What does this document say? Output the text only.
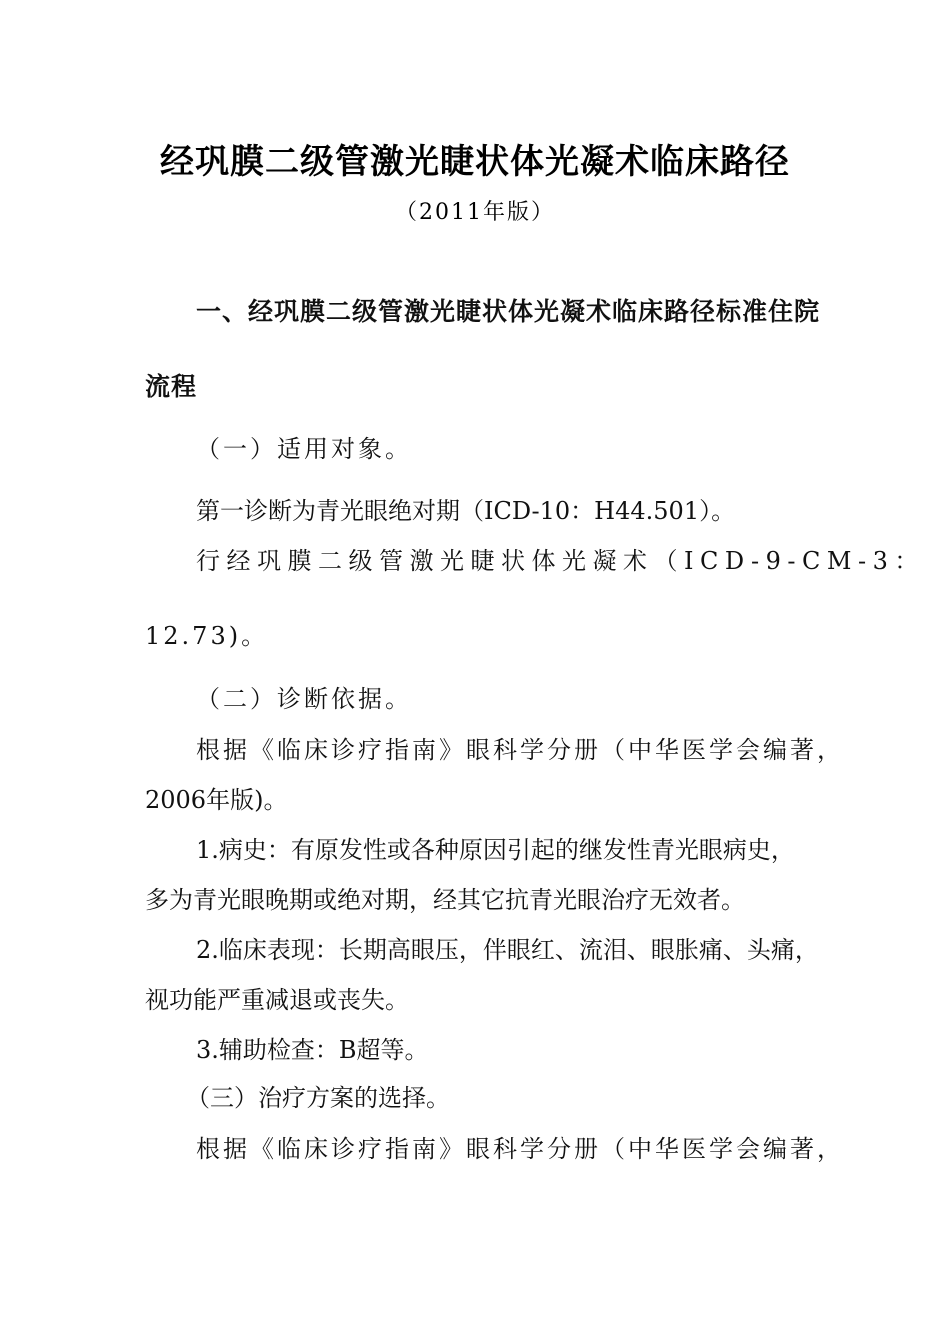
经巩膜二级管激光睫状体光凝术临床路径
（2011年版）
一、经巩膜二级管激光睫状体光凝术临床路径标准住院
流程
（一）适用对象。
第一诊断为青光眼绝对期（ICD-10：H44.501）。
行经巩膜二级管激光睫状体光凝术（ICD-9-CM-3：
12.73)。
（二）诊断依据。
根据《临床诊疗指南》眼科学分册（中华医学会编著，
2006年版)。
1.病史：有原发性或各种原因引起的继发性青光眼病史，
多为青光眼晚期或绝对期，经其它抗青光眼治疗无效者。
2.临床表现：长期高眼压，伴眼红、流泪、眼胀痛、头痛，
视功能严重减退或丧失。
3.辅助检查：B超等。
（三）治疗方案的选择。
根据《临床诊疗指南》眼科学分册（中华医学会编著，
